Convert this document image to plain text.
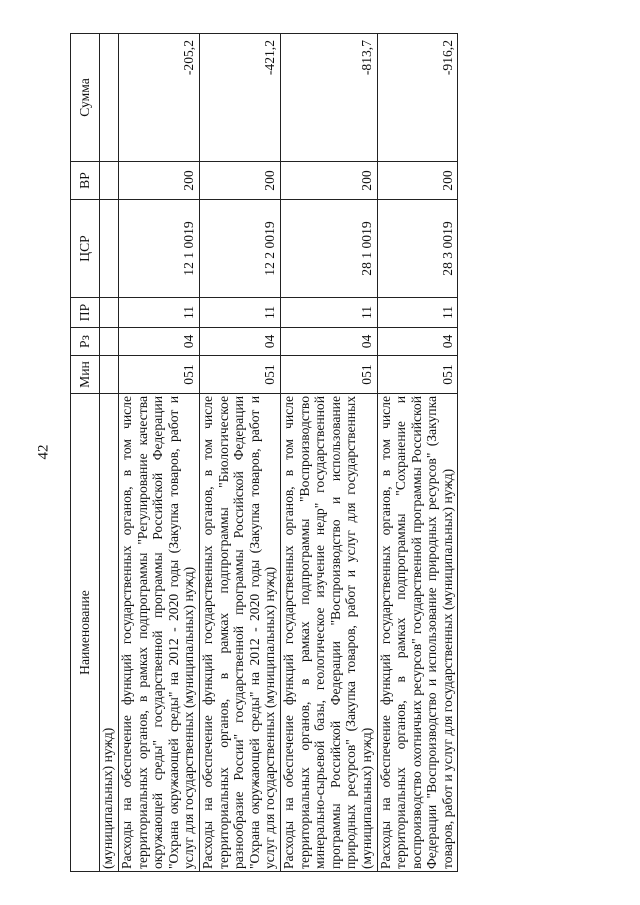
42
Наименование	Мин	Рз	ПР	ЦСР	ВР	Сумма
(муниципальных) нужд)						
Расходы на обеспечение функций государственных органов, в том числе территориальных органов, в рамках подпрограммы "Регулирование качества окружающей среды" государственной программы Российской Федерации "Охрана окружающей среды" на 2012 - 2020 годы (Закупка товаров, работ и услуг для государственных (муниципальных) нужд)	051	04	11	12 1 0019	200	-205,2
Расходы на обеспечение функций государственных органов, в том числе территориальных органов, в рамках подпрограммы "Биологическое разнообразие России" государственной программы Российской Федерации "Охрана окружающей среды" на 2012 - 2020 годы (Закупка товаров, работ и услуг для государственных (муниципальных) нужд)	051	04	11	12 2 0019	200	-421,2
Расходы на обеспечение функций государственных органов, в том числе территориальных органов, в рамках подпрограммы "Воспроизводство минерально-сырьевой базы, геологическое изучение недр" государственной программы Российской Федерации "Воспроизводство и использование природных ресурсов" (Закупка товаров, работ и услуг для государственных (муниципальных) нужд)	051	04	11	28 1 0019	200	-813,7
Расходы на обеспечение функций государственных органов, в том числе территориальных органов, в рамках подпрограммы "Сохранение и воспроизводство охотничьих ресурсов" государственной программы Российской Федерации "Воспроизводство и использование природных ресурсов" (Закупка товаров, работ и услуг для государственных (муниципальных) нужд)	051	04	11	28 3 0019	200	-916,2
